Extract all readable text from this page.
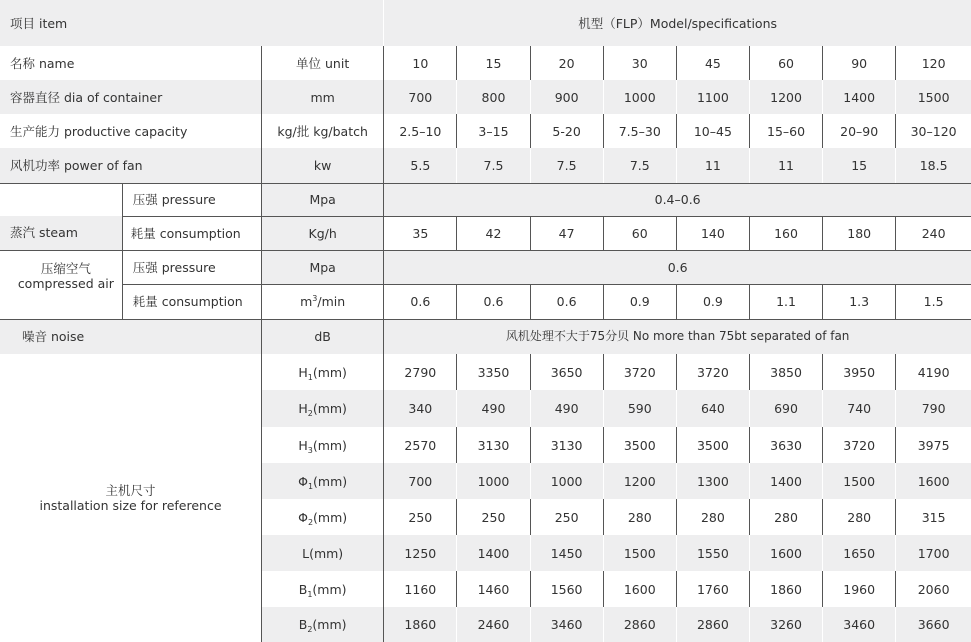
项目 item			机型（FLP）Model/specifications							
名称 name		单位 unit	10	15	20	30	45	60	90	120
容器直径 dia of container		mm	700	800	900	1000	1100	1200	1400	1500
生产能力 productive capacity		kg/批 kg/batch	2.5–10	3–15	5-20	7.5–30	10–45	15–60	20–90	30–120
风机功率 power of fan		kw	5.5	7.5	7.5	7.5	11	11	15	18.5
	压强 pressure	Mpa	0.4–0.6							
蒸汽 steam	耗量 consumption	Kg/h	35	42	47	60	140	160	180	240

压缩空气
compressed air	压强 pressure	Mpa	0.6							
	耗量 consumption	$m^3/\min$	0.6	0.6	0.6	0.9	0.9	1.1	1.3	1.5
噪音 noise		dB	风机处理不大于75分贝 No more than 75bt separated of fan							

主机尺寸
installation size for reference		$H_1(mm)$	2790	3350	3650	3720	3720	3850	3950	4190
		$H_2(mm)$	340	490	490	590	640	690	740	790
		$H_3(mm)$	2570	3130	3130	3500	3500	3630	3720	3975
		$\Phi_1(mm)$	700	1000	1000	1200	1300	1400	1500	1600
		$\Phi_2(mm)$	250	250	250	280	280	280	280	315
		L(mm)	1250	1400	1450	1500	1550	1600	1650	1700
		$B_1(mm)$	1160	1460	1560	1600	1760	1860	1960	2060
		$B_2(mm)$	1860	2460	3460	2860	2860	3260	3460	3660
